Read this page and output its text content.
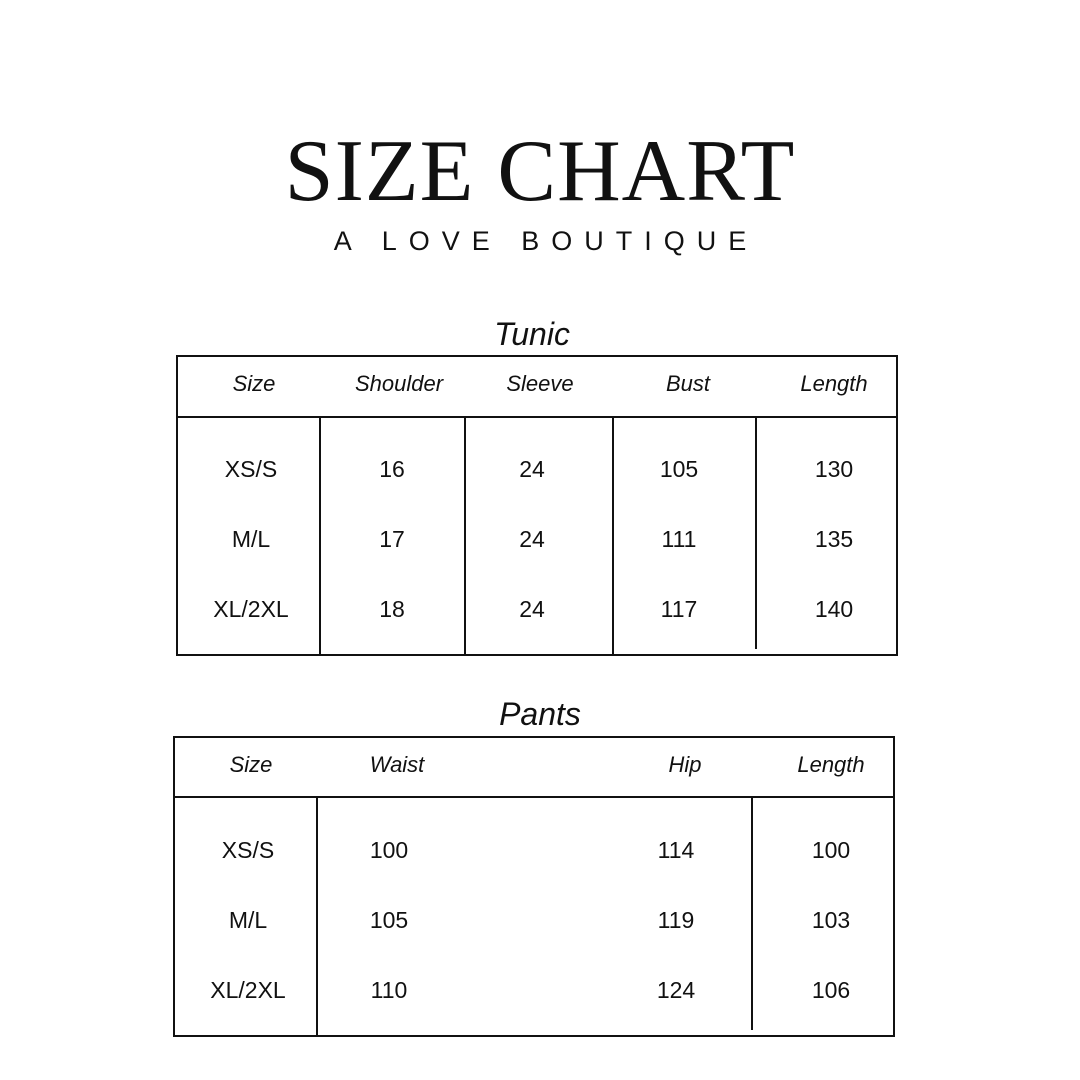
SIZE CHART
A LOVE BOUTIQUE
Tunic
Size	Shoulder	Sleeve	Bust	Length
XS/S	16	24	105	130
M/L	17	24	111	135
XL/2XL	18	24	117	140
Pants
Size	Waist	Hip	Length
XS/S	100	114	100
M/L	105	119	103
XL/2XL	110	124	106
